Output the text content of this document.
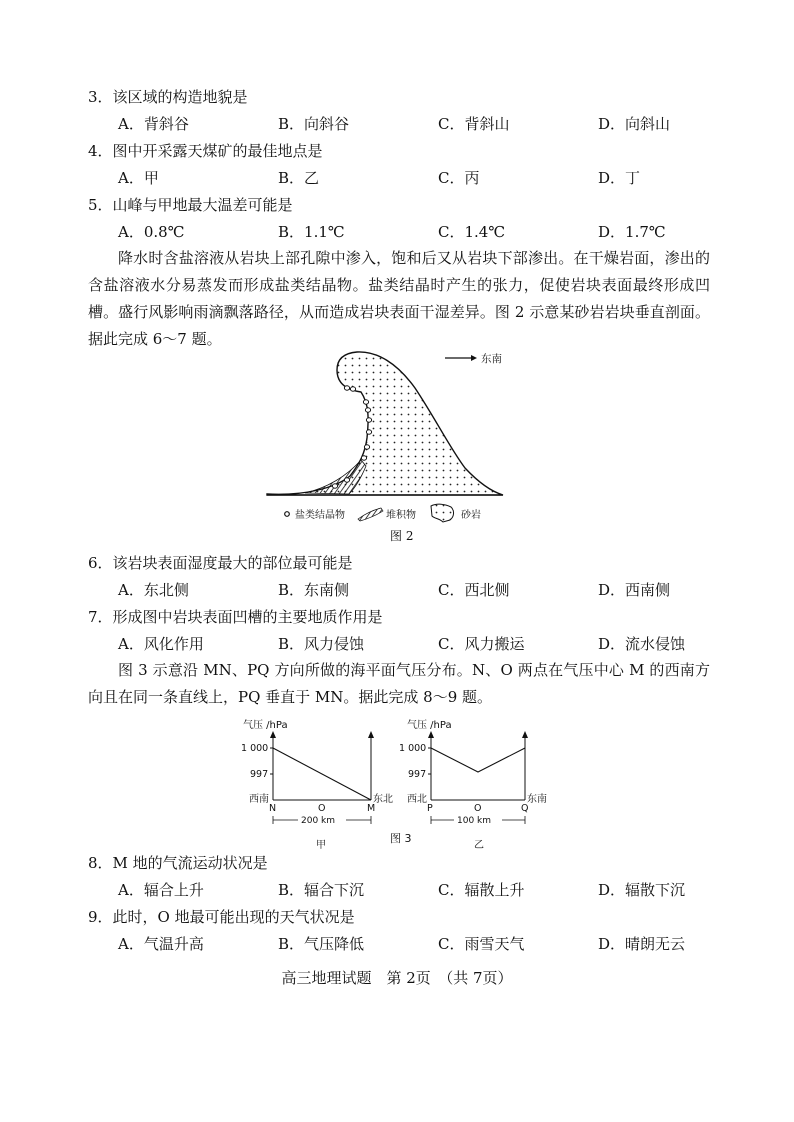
3．该区域的构造地貌是
A．背斜谷	B．向斜谷	C．背斜山	D．向斜山
4．图中开采露天煤矿的最佳地点是
A．甲	B．乙	C．丙	D．丁
5．山峰与甲地最大温差可能是
A．0.8℃	B．1.1℃	C．1.4℃	D．1.7℃
降水时含盐溶液从岩块上部孔隙中渗入，饱和后又从岩块下部渗出。在干燥岩面，渗出的含盐溶液水分易蒸发而形成盐类结晶物。盐类结晶时产生的张力，促使岩块表面最终形成凹槽。盛行风影响雨滴飘落路径，从而造成岩块表面干湿差异。图 2 示意某砂岩岩块垂直剖面。据此完成 6～7 题。
东南
盐类结晶物	堆积物	砂岩
图 2
6．该岩块表面湿度最大的部位最可能是
A．东北侧	B．东南侧	C．西北侧	D．西南侧
7．形成图中岩块表面凹槽的主要地质作用是
A．风化作用	B．风力侵蚀	C．风力搬运	D．流水侵蚀
图 3 示意沿 MN、PQ 方向所做的海平面气压分布。N、O 两点在气压中心 M 的西南方向且在同一条直线上，PQ 垂直于 MN。据此完成 8～9 题。
气压 /hPa
1 000
997
西南	东北
N	O	M
200 km
甲
气压 /hPa
1 000
997
西北	东南
P	O	Q
100 km
乙
图 3
8．M 地的气流运动状况是
A．辐合上升	B．辐合下沉	C．辐散上升	D．辐散下沉
9．此时，O 地最可能出现的天气状况是
A．气温升高	B．气压降低	C．雨雪天气	D．晴朗无云
高三地理试题　第 2页　（共 7页）
